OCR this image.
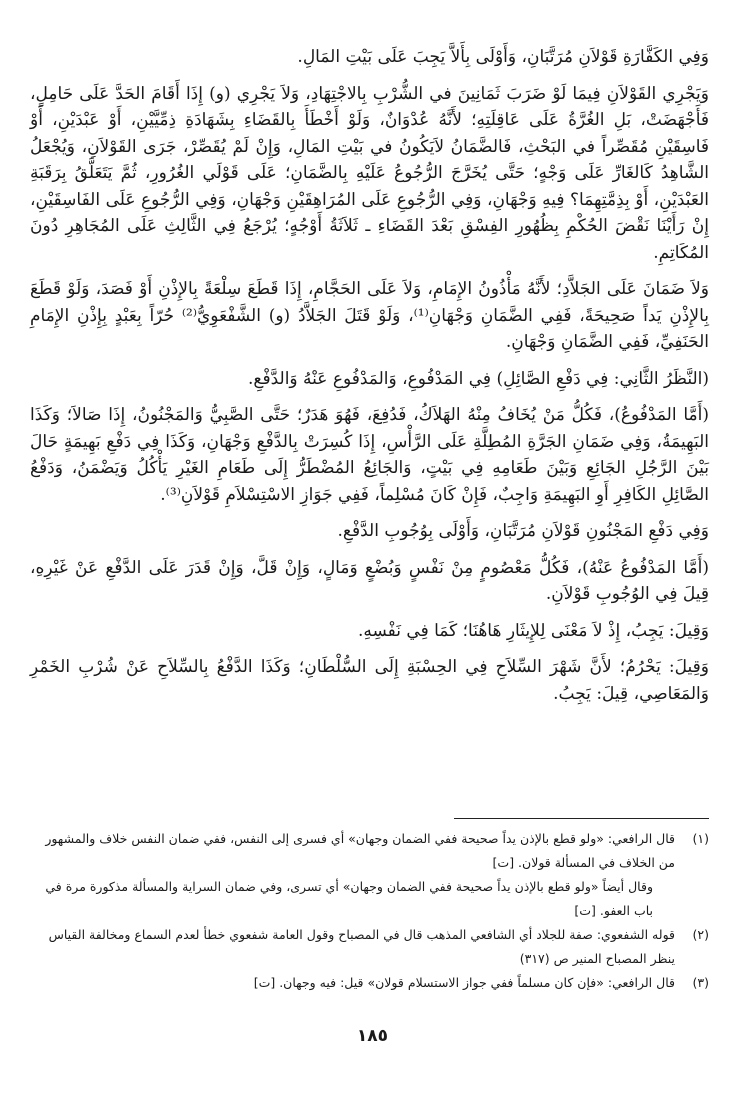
وَفِي الكَفَّارَةِ قَوْلاَنِ مُرَتَّبَانِ، وَأَوْلَى بِأَلاَّ يَجِبَ عَلَى بَيْتِ المَالِ.

وَيَجْرِي القَوْلاَنِ فِيمَا لَوْ ضَرَبَ ثَمَانِينَ في الشُّرْبِ بِالاجْتِهَادِ، وَلاَ يَجْرِي (و) إِذَا أَقَامَ الحَدَّ عَلَى حَامِلٍ، فَأَجْهَضَتْ، بَلِ الغُرَّةُ عَلَى عَاقِلَتِهِ؛ لأَنَّهُ عُدْوَانٌ، وَلَوْ أَخْطَأَ بِالقَضَاءِ بِشَهَادَةِ ذِمِّيَّيْنِ، أَوْ عَبْدَيْنِ، أَوْ فَاسِقَيْنِ مُقَصِّراً في البَحْثِ، فَالضَّمَانُ لاَيَكُونُ في بَيْتِ المَالِ، وَإِنْ لَمْ يُقَصِّرْ، جَرَى القَوْلاَنِ، وَيُجْعَلُ الشَّاهِدُ كَالغَارِّ عَلَى وَجْهٍ؛ حَتَّى يُخَرَّجَ الرُّجُوعُ عَلَيْهِ بِالضَّمَانِ؛ عَلَى قَوْلَي الغُرُورِ، ثُمَّ يَتَعَلَّقُ بِرَقَبَةِ العَبْدَيْنِ، أَوْ بِذِمَّتِهِمَا؟ فِيهِ وَجْهَانِ، وَفِي الرُّجُوعِ عَلَى المُرَاهِقَيْنِ وَجْهَانِ، وَفِي الرُّجُوعِ عَلَى الفَاسِقَيْنِ، إِنْ رَأَيْنَا نَقْضَ الحُكْمِ بِظُهُورِ الفِسْقِ بَعْدَ القَضَاءِ ـ ثَلاَثَةُ أَوْجُهٍ؛ يُرْجَعُ فِي الثَّالِثِ عَلَى المُجَاهِرِ دُونَ المُكَاتِمِ.

وَلاَ ضَمَانَ عَلَى الجَلاَّدِ؛ لأَنَّهُ مَأْذُونُ الإِمَامِ، وَلاَ عَلَى الحَجَّامِ، إِذَا قَطَعَ سِلْعَةً بِالإِذْنِ أَوْ فَصَدَ، وَلَوْ قَطَعَ بِالإِذْنِ يَداً صَحِيحَةً، فَفِي الضَّمَانِ وَجْهَانِ⁽¹⁾، وَلَوْ قَتَلَ الجَلاَّدُ (و) الشَّفْعَوِيُّ⁽²⁾ حُرّاً بِعَبْدٍ بِإِذْنِ الإِمَامِ الحَنَفِيِّ، فَفِي الضَّمَانِ وَجْهَانِ.

(النَّظَرُ الثَّانِي: فِي دَفْعِ الصَّائِلِ) فِي المَدْفُوعِ، وَالمَدْفُوعِ عَنْهُ وَالدَّفْعِ.

(أَمَّا المَدْفُوعُ)، فَكُلُّ مَنْ يُخَافُ مِنْهُ الهَلاَكُ، فَدُفِعَ، فَهُوَ هَدَرٌ؛ حَتَّى الصَّبِيُّ وَالمَجْنُونُ، إِذَا صَالاَ؛ وَكَذَا البَهِيمَةُ، وَفِي ضَمَانِ الجَرَّةِ المُطِلَّةِ عَلَى الرَّأْسِ، إِذَا كُسِرَتْ بِالدَّفْعِ وَجْهَانِ، وَكَذَا فِي دَفْعِ بَهِيمَةٍ حَالَ بَيْنَ الرَّجُلِ الجَائِعِ وَبَيْنَ طَعَامِهِ فِي بَيْتٍ، وَالجَائِعُ المُضْطَرُّ إِلَى طَعَامِ الغَيْرِ يَأْكُلُ وَيَضْمَنُ، وَدَفْعُ الصَّائِلِ الكَافِرِ أَوِ البَهِيمَةِ وَاجِبٌ، فَإِنْ كَانَ مُسْلِماً، فَفِي جَوَازِ الاسْتِسْلاَمِ قَوْلاَنِ⁽³⁾.

وَفِي دَفْعِ المَجْنُونِ قَوْلاَنِ مُرَتَّبَانِ، وَأَوْلَى بِوُجُوبِ الدَّفْعِ.

(أَمَّا المَدْفُوعُ عَنْهُ)، فَكُلُّ مَعْصُومٍ مِنْ نَفْسٍ وَبُضْعٍ وَمَالٍ، وَإِنْ قَلَّ، وَإِنْ قَدَرَ عَلَى الدَّفْعِ عَنْ غَيْرِهِ، قِيلَ فِي الوُجُوبِ قَوْلاَنِ.

وَقِيلَ: يَجِبُ، إِذْ لاَ مَعْنَى لِلإِيثَارِ هَاهُنَا؛ كَمَا فِي نَفْسِهِ.

وَقِيلَ: يَحْرُمُ؛ لأَنَّ شَهْرَ السِّلاَحِ فِي الحِسْبَةِ إِلَى السُّلْطَانِ؛ وَكَذَا الدَّفْعُ بِالسِّلاَحِ عَنْ شُرْبِ الخَمْرِ وَالمَعَاصِي، قِيلَ: يَجِبُ.

(١)
قال الرافعي: «ولو قطع بالإذن يداً صحيحة ففي الضمان وجهان» أي فسرى إلى النفس، ففي ضمان النفس خلاف والمشهور من الخلاف في المسألة قولان. [ت]
وقال أيضاً «ولو قطع بالإذن يداً صحيحة ففي الضمان وجهان» أي تسرى، وفي ضمان السراية والمسألة مذكورة مرة في باب العفو. [ت]
(٢)
قوله الشفعوي: صفة للجلاد أي الشافعي المذهب قال في المصباح وقول العامة شفعوي خطأ لعدم السماع ومخالفة القياس ينظر المصباح المنير ص (٣١٧)
(٣)
قال الرافعي: «فإن كان مسلماً ففي جواز الاستسلام قولان» قيل: فيه وجهان. [ت]
١٨٥
